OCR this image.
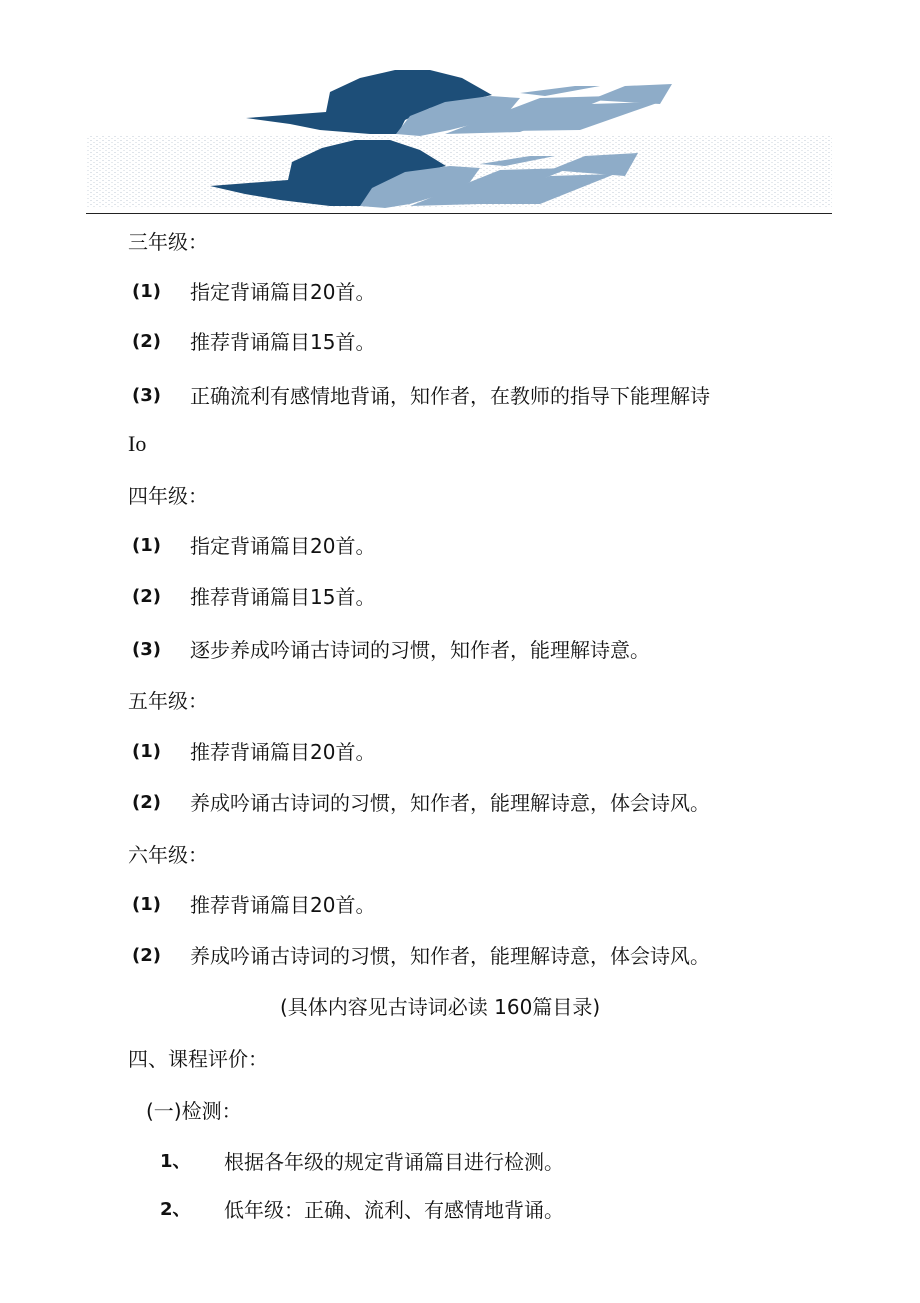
三年级：
(1) 指定背诵篇目20首。
(2) 推荐背诵篇目15首。
(3) 正确流利有感情地背诵，知作者，在教师的指导下能理解诗
Io
四年级：
(1) 指定背诵篇目20首。
(2) 推荐背诵篇目15首。
(3) 逐步养成吟诵古诗词的习惯，知作者，能理解诗意。
五年级：
(1) 推荐背诵篇目20首。
(2) 养成吟诵古诗词的习惯，知作者，能理解诗意，体会诗风。
六年级：
(1) 推荐背诵篇目20首。
(2) 养成吟诵古诗词的习惯，知作者，能理解诗意，体会诗风。
(具体内容见古诗词必读 160篇目录)
四、课程评价：
(一)检测：
1、 根据各年级的规定背诵篇目进行检测。
2、 低年级：正确、流利、有感情地背诵。
